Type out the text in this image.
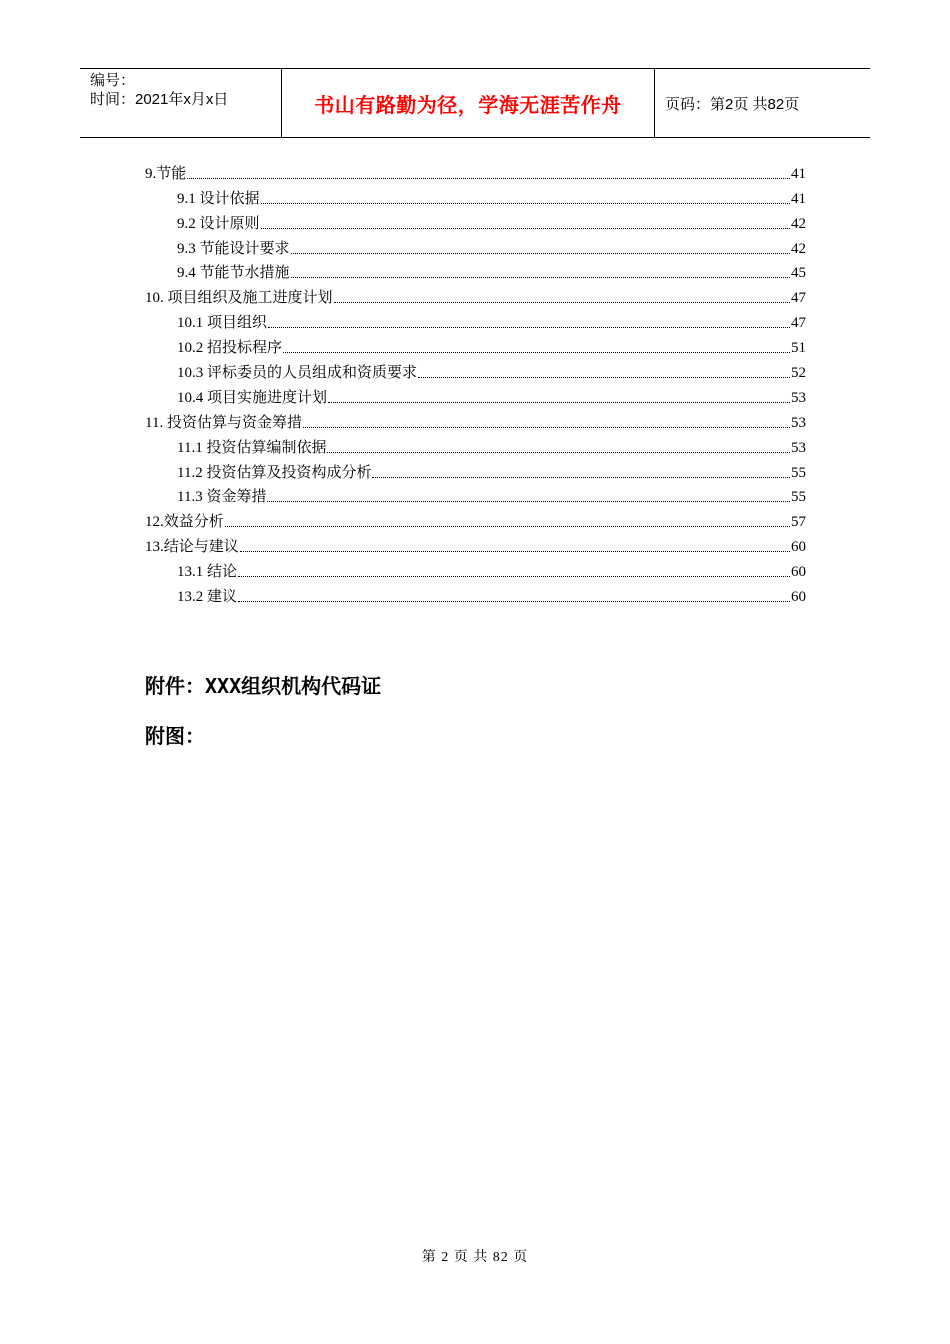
编号：
时间：2021年x月x日	书山有路勤为径，学海无涯苦作舟	页码：第2页 共82页
9.节能	41
9.1 设计依据	41
9.2 设计原则	42
9.3 节能设计要求	42
9.4 节能节水措施	45
10. 项目组织及施工进度计划	47
10.1 项目组织	47
10.2 招投标程序	51
10.3 评标委员的人员组成和资质要求	52
10.4 项目实施进度计划	53
11. 投资估算与资金筹措	53
11.1 投资估算编制依据	53
11.2 投资估算及投资构成分析	55
11.3 资金筹措	55
12.效益分析	57
13.结论与建议	60
13.1 结论	60
13.2 建议	60
附件：XXX组织机构代码证
附图：
第 2 页 共 82 页
